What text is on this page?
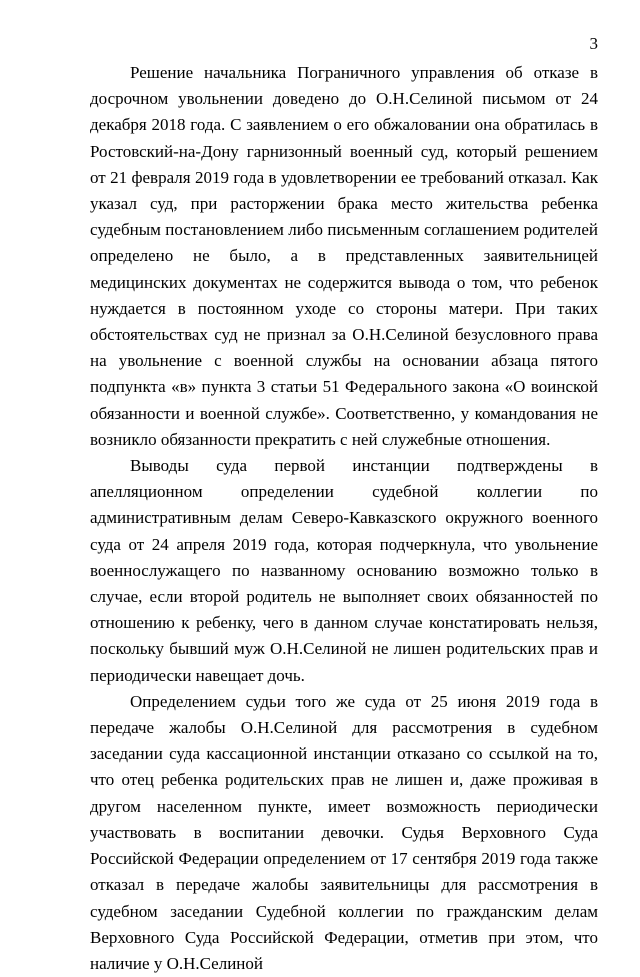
3

Решение начальника Пограничного управления об отказе в досрочном увольнении доведено до О.Н.Селиной письмом от 24 декабря 2018 года. С заявлением о его обжаловании она обратилась в Ростовский-на-Дону гарнизонный военный суд, который решением от 21 февраля 2019 года в удовлетворении ее требований отказал. Как указал суд, при расторжении брака место жительства ребенка судебным постановлением либо письменным соглашением родителей определено не было, а в представленных заявительницей медицинских документах не содержится вывода о том, что ребенок нуждается в постоянном уходе со стороны матери. При таких обстоятельствах суд не признал за О.Н.Селиной безусловного права на увольнение с военной службы на основании абзаца пятого подпункта «в» пункта 3 статьи 51 Федерального закона «О воинской обязанности и военной службе». Соответственно, у командования не возникло обязанности прекратить с ней служебные отношения.

Выводы суда первой инстанции подтверждены в апелляционном определении судебной коллегии по административным делам Северо-Кавказского окружного военного суда от 24 апреля 2019 года, которая подчеркнула, что увольнение военнослужащего по названному основанию возможно только в случае, если второй родитель не выполняет своих обязанностей по отношению к ребенку, чего в данном случае констатировать нельзя, поскольку бывший муж О.Н.Селиной не лишен родительских прав и периодически навещает дочь.

Определением судьи того же суда от 25 июня 2019 года в передаче жалобы О.Н.Селиной для рассмотрения в судебном заседании суда кассационной инстанции отказано со ссылкой на то, что отец ребенка родительских прав не лишен и, даже проживая в другом населенном пункте, имеет возможность периодически участвовать в воспитании девочки. Судья Верховного Суда Российской Федерации определением от 17 сентября 2019 года также отказал в передаче жалобы заявительницы для рассмотрения в судебном заседании Судебной коллегии по гражданским делам Верховного Суда Российской Федерации, отметив при этом, что наличие у О.Н.Селиной
